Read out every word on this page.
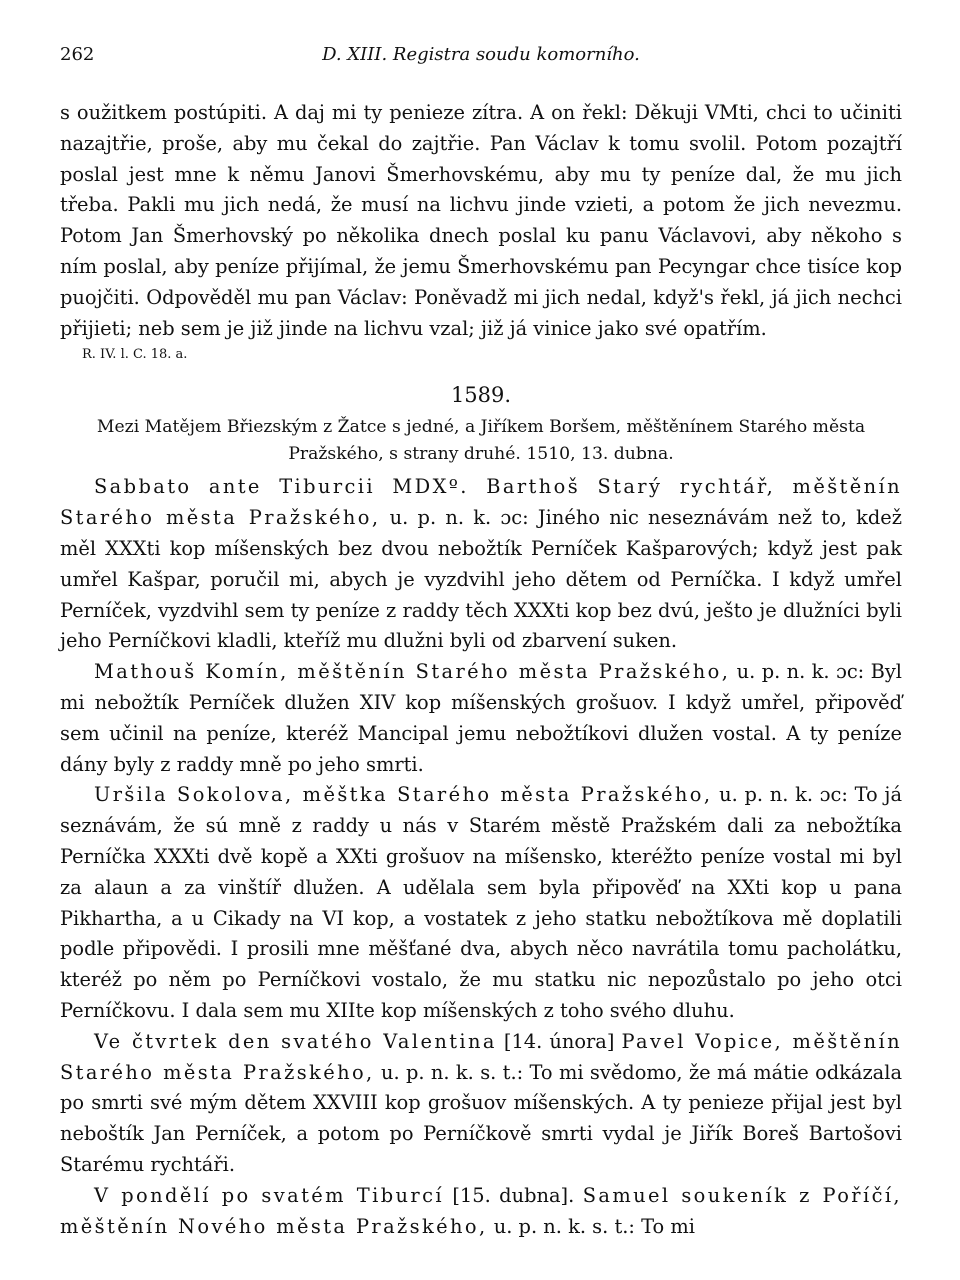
262	D. XIII. Registra soudu komorního.

s oužitkem postúpiti. A daj mi ty penieze zítra. A on řekl: Děkuji VMti, chci to učiniti nazajtřie, proše, aby mu čekal do zajtřie. Pan Václav k tomu svolil. Potom pozajtří poslal jest mne k němu Janovi Šmerhovskému, aby mu ty peníze dal, že mu jich třeba. Pakli mu jich nedá, že musí na lichvu jinde vzieti, a potom že jich nevezmu. Potom Jan Šmerhovský po několika dnech poslal ku panu Václavovi, aby někoho s ním poslal, aby peníze přijímal, že jemu Šmerhovskému pan Pecyngar chce tisíce kop puojčiti. Odpověděl mu pan Václav: Poněvadž mi jich nedal, když's řekl, já jich nechci přijieti; neb sem je již jinde na lichvu vzal; již já vinice jako své opatřím.

R. IV. l. C. 18. a.

1589.

Mezi Matějem Břiezským z Žatce s jedné, a Jiříkem Boršem, měštěnínem Starého města Pražského, s strany druhé. 1510, 13. dubna.

Sabbato ante Tiburcii MDXº. Barthoš Starý rychtář, měštěnín Starého města Pražského, u. p. n. k. ɔc: Jiného nic neseznávám než to, kdež měl XXXti kop míšenských bez dvou nebožtík Perníček Kašparových; když jest pak umřel Kašpar, poručil mi, abych je vyzdvihl jeho dětem od Perníčka. I když umřel Perníček, vyzdvihl sem ty peníze z raddy těch XXXti kop bez dvú, ješto je dlužníci byli jeho Perníčkovi kladli, kteříž mu dlužni byli od zbarvení suken.

Mathouš Komín, měštěnín Starého města Pražského, u. p. n. k. ɔc: Byl mi nebožtík Perníček dlužen XIV kop míšenských grošuov. I když umřel, připověď sem učinil na peníze, kteréž Mancipal jemu nebožtíkovi dlužen vostal. A ty peníze dány byly z raddy mně po jeho smrti.

Uršila Sokolova, měštka Starého města Pražského, u. p. n. k. ɔc: To já seznávám, že sú mně z raddy u nás v Starém městě Pražském dali za nebožtíka Perníčka XXXti dvě kopě a XXti grošuov na míšensko, kteréžto peníze vostal mi byl za alaun a za vinštíř dlužen. A udělala sem byla připověď na XXti kop u pana Pikhartha, a u Cikady na VI kop, a vostatek z jeho statku nebožtíkova mě doplatili podle připovědi. I prosili mne měšťané dva, abych něco navrátila tomu pacholátku, kteréž po něm po Perníčkovi vostalo, že mu statku nic nepozůstalo po jeho otci Perníčkovu. I dala sem mu XIIte kop míšenských z toho svého dluhu.

Ve čtvrtek den svatého Valentina [14. února] Pavel Vopice, měštěnín Starého města Pražského, u. p. n. k. s. t.: To mi svědomo, že má mátie odkázala po smrti své mým dětem XXVIII kop grošuov míšenských. A ty penieze přijal jest byl neboštík Jan Perníček, a potom po Perníčkově smrti vydal je Jiřík Boreš Bartošovi Starému rychtáři.

V pondělí po svatém Tiburcí [15. dubna]. Samuel soukeník z Poříčí, měštěnín Nového města Pražského, u. p. n. k. s. t.: To mi
